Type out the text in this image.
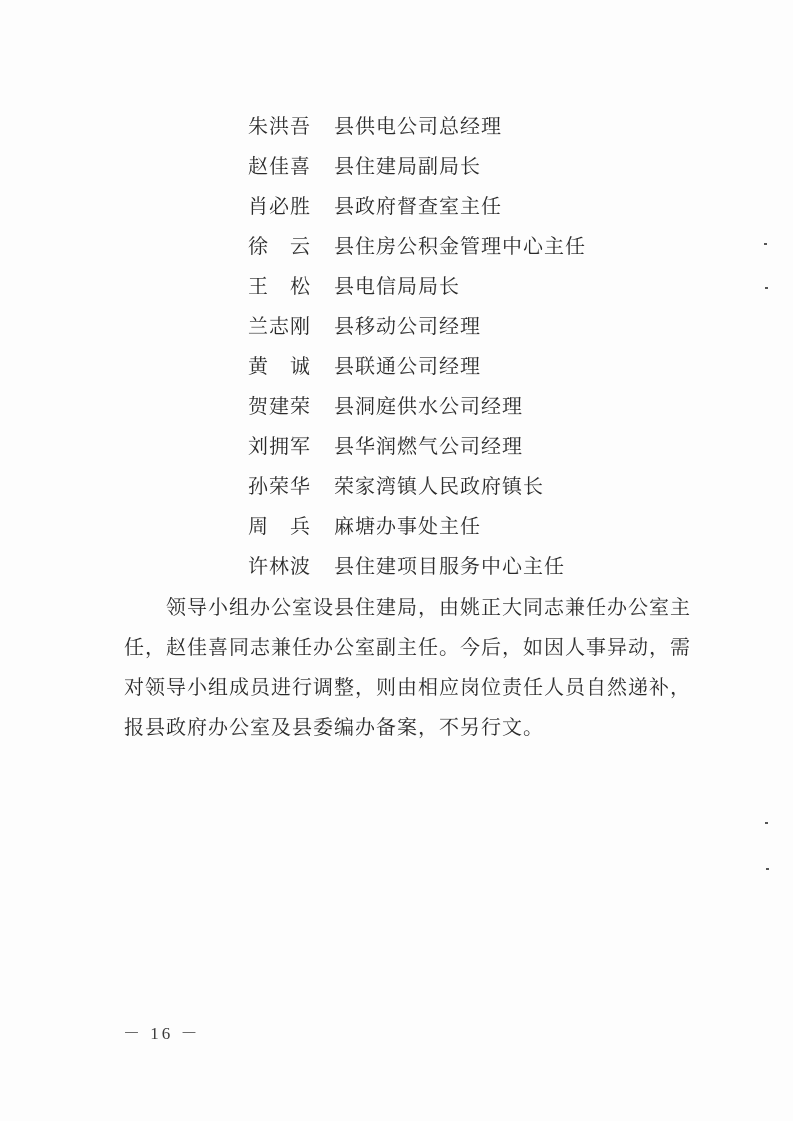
朱洪吾	县供电公司总经理
赵佳喜	县住建局副局长
肖必胜	县政府督查室主任
徐　云	县住房公积金管理中心主任
王　松	县电信局局长
兰志刚	县移动公司经理
黄　诚	县联通公司经理
贺建荣	县洞庭供水公司经理
刘拥军	县华润燃气公司经理
孙荣华	荣家湾镇人民政府镇长
周　兵	麻塘办事处主任
许林波	县住建项目服务中心主任

领导小组办公室设县住建局，由姚正大同志兼任办公室主
任，赵佳喜同志兼任办公室副主任。今后，如因人事异动，需
对领导小组成员进行调整，则由相应岗位责任人员自然递补，
报县政府办公室及县委编办备案，不另行文。

－ 16 －
